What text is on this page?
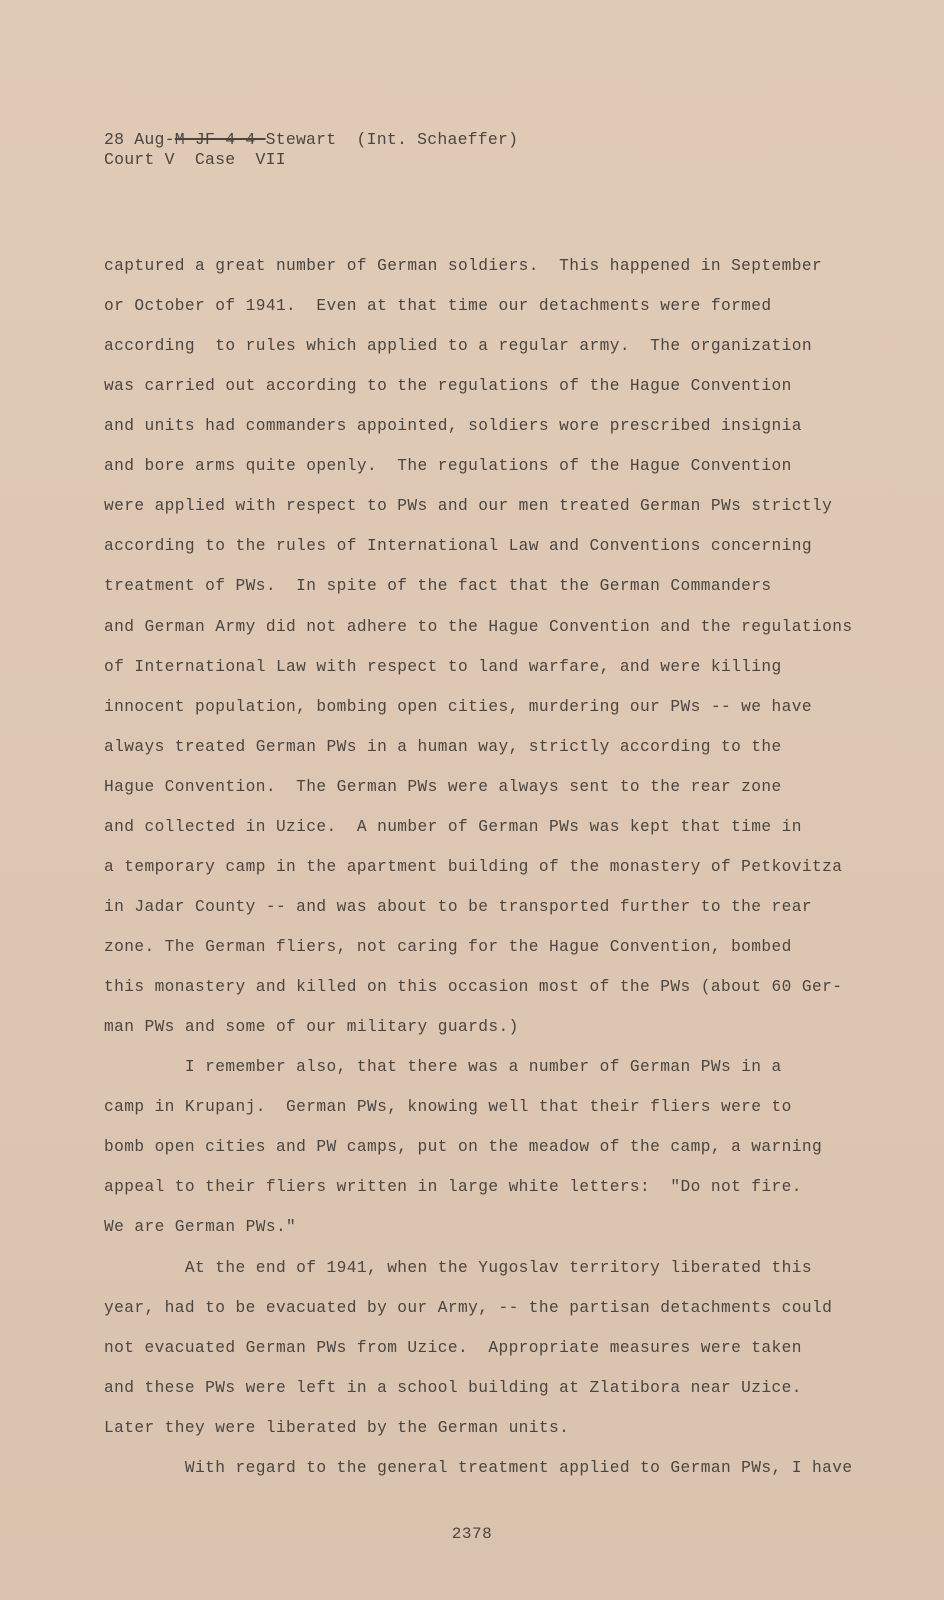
28 Aug-M-JF-4-4-Stewart  (Int. Schaeffer)
Court V  Case  VII
captured a great number of German soldiers.  This happened in September
or October of 1941.  Even at that time our detachments were formed
according  to rules which applied to a regular army.  The organization
was carried out according to the regulations of the Hague Convention
and units had commanders appointed, soldiers wore prescribed insignia
and bore arms quite openly.  The regulations of the Hague Convention
were applied with respect to PWs and our men treated German PWs strictly
according to the rules of International Law and Conventions concerning
treatment of PWs.  In spite of the fact that the German Commanders
and German Army did not adhere to the Hague Convention and the regulations
of International Law with respect to land warfare, and were killing
innocent population, bombing open cities, murdering our PWs -- we have
always treated German PWs in a human way, strictly according to the
Hague Convention.  The German PWs were always sent to the rear zone
and collected in Uzice.  A number of German PWs was kept that time in
a temporary camp in the apartment building of the monastery of Petkovitza
in Jadar County -- and was about to be transported further to the rear
zone. The German fliers, not caring for the Hague Convention, bombed
this monastery and killed on this occasion most of the PWs (about 60 Ger-
man PWs and some of our military guards.)
I remember also, that there was a number of German PWs in a
camp in Krupanj.  German PWs, knowing well that their fliers were to
bomb open cities and PW camps, put on the meadow of the camp, a warning
appeal to their fliers written in large white letters:  "Do not fire.
We are German PWs."
At the end of 1941, when the Yugoslav territory liberated this
year, had to be evacuated by our Army, -- the partisan detachments could
not evacuated German PWs from Uzice.  Appropriate measures were taken
and these PWs were left in a school building at Zlatibora near Uzice.
Later they were liberated by the German units.
With regard to the general treatment applied to German PWs, I have
2378
